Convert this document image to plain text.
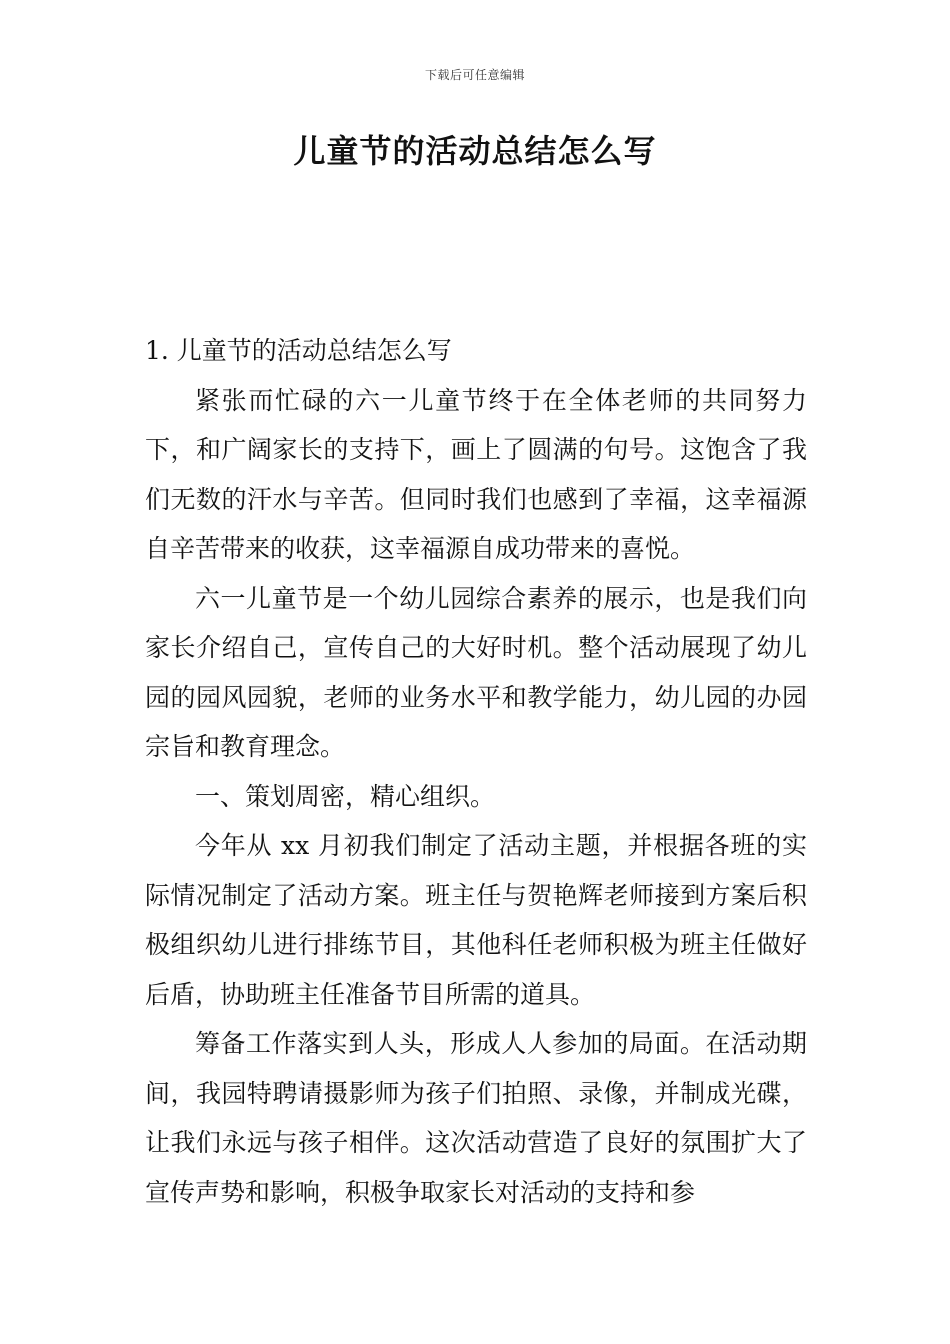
下载后可任意编辑
儿童节的活动总结怎么写

1. 儿童节的活动总结怎么写

紧张而忙碌的六一儿童节终于在全体老师的共同努力下，和广阔家长的支持下，画上了圆满的句号。这饱含了我们无数的汗水与辛苦。但同时我们也感到了幸福，这幸福源自辛苦带来的收获，这幸福源自成功带来的喜悦。

六一儿童节是一个幼儿园综合素养的展示，也是我们向家长介绍自己，宣传自己的大好时机。整个活动展现了幼儿园的园风园貌，老师的业务水平和教学能力，幼儿园的办园宗旨和教育理念。

一、策划周密，精心组织。

今年从 xx 月初我们制定了活动主题，并根据各班的实际情况制定了活动方案。班主任与贺艳辉老师接到方案后积极组织幼儿进行排练节目，其他科任老师积极为班主任做好后盾，协助班主任准备节目所需的道具。

筹备工作落实到人头，形成人人参加的局面。在活动期间，我园特聘请摄影师为孩子们拍照、录像，并制成光碟，让我们永远与孩子相伴。这次活动营造了良好的氛围扩大了宣传声势和影响，积极争取家长对活动的支持和参
